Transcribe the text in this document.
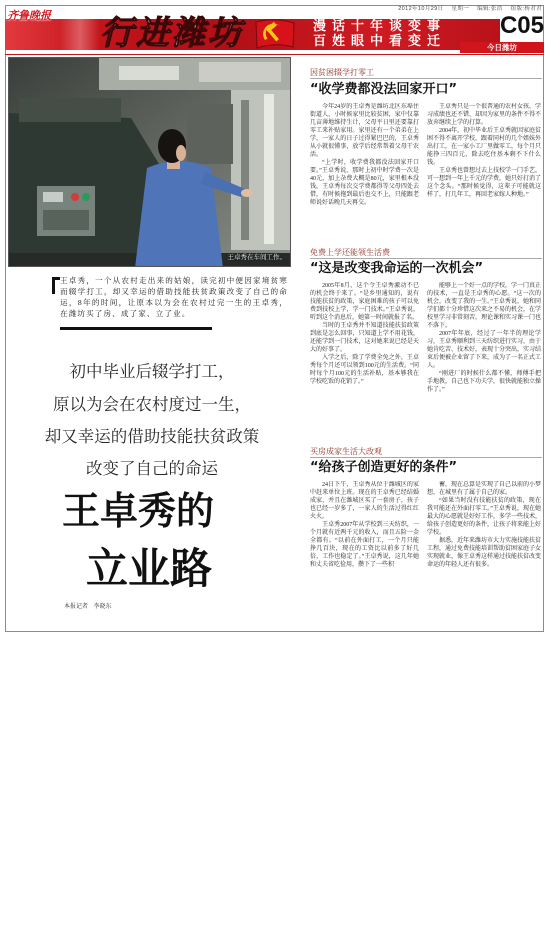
2012年10月29日 星期一 编辑:张浩 组版:杨君君
齐鲁晚报 行进潍坊	漫话十年谈变事
百姓眼中看变迁
C05
今日潍坊
王卓秀在车间工作。
王卓秀，一个从农村走出来的姑娘，读完初中便因家境贫寒而辍学打工，却又幸运的借助技能扶贫政策改变了自己的命运，8年的时间，让原本以为会在农村过完一生的王卓秀，在潍坊买了房、成了家、立了业。
初中毕业后辍学打工，
原以为会在农村度过一生，
却又幸运的借助技能扶贫政策
改变了自己的命运
王卓秀的
立业路
本报记者 李晓东
因贫困辍学打零工
“收学费都没法回家开口”

今年24岁的王卓秀是潍坊北区东埠住街道人，小时候家里比较贫困，家中仅靠几亩薄地维持生计，父母平日里还要靠打零工来补贴家用。家里还有一个弟弟在上学，一家人的日子过得紧巴巴的，王卓秀从小就很懂事，放学后经常帮着父母干农活。

“上学时，收学费我都没法回家开口要。”王卓秀说，那时上初中时学费一次是40元，加上杂费大概是80元，家里根本没钱，王卓秀每次交学费都得等父母四处去借，有时候拖到最后也交不上，只能跟老师说好话晚几天再交。

王卓秀只是一个很普通的农村女孩，学习成绩也还不错，却因为家里的条件不得不放弃继续上学的打算。

2004年，初中毕业后王卓秀就因家庭贫困不得不离开学校，跟着同村的几个姐妹外出打工，在一家小工厂里做零工，每个月只能挣三四百元，除去吃住基本剩不下什么钱。

王卓秀也曾想过去上技校学一门手艺，可一想到一年上千元的学费，她只好打消了这个念头。“那时候觉得，这辈子可能就这样了，打几年工，再回老家嫁人种地。”

免费上学还能领生活费
“这是改变我命运的一次机会”

2005年8月，这个令王卓秀激动不已的机会终于来了。“是乡里通知的，说有技能扶贫的政策，家庭困难的孩子可以免费到技校上学，学一门技术。”王卓秀说，听到这个消息后，她第一时间就报了名。

当时的王卓秀并不知道技能扶贫政策到底是怎么回事，只知道上学不用花钱，还能学到一门技术，这对她来说已经是天大的好事了。

入学之后，除了学费全免之外，王卓秀每个月还可以领到100元的生活费。“同时每个月100元的生活补贴，基本够我在学校吃饭的花销了。”

能够上一个好一点的学校，学一门真正的技术，一直是王卓秀的心愿。“这一次的机会，改变了我的一生。”王卓秀说，她和同学们都十分珍惜这次来之不易的机会，在学校里学习非常刻苦，理论课和实习课一门也不落下。

2007年年底，经过了一年半的理论学习，王卓秀顺利到三天纺织进行实习，由于她肯吃苦、技术好，表现十分突出，实习结束后便被企业留了下来，成为了一名正式工人。

“刚进厂的时候什么都不懂，师傅手把手地教，自己也下功夫学，很快就能独立操作了。”

买房成家生活大改观
“给孩子创造更好的条件”

24日下午，王卓秀从位于潍城区的家中赶来单位上班。现在的王卓秀已经结婚成家，并且在潍城区买了一套房子，孩子也已经一岁多了，一家人的生活过得红红火火。

王卓秀2007年从学校到三天纺织，一个月就有近两千元的收入，而且五险一金全都有。“以前在外面打工，一个月只能挣几百块，现在的工资比以前多了好几倍，工作也稳定了。”王卓秀说，这几年她和丈夫省吃俭用，攒下了一些积

蓄，现在总算是实现了自己以前的小梦想，在城里有了属于自己的家。

“如果当时没有技能扶贫的政策，现在我可能还在外面打零工。”王卓秀说，现在她最大的心愿就是好好工作，多学一些技术，给孩子创造更好的条件，让孩子将来能上好学校。

据悉，近年来潍坊市大力实施技能扶贫工程，通过免费技能培训帮助贫困家庭子女实现就业，像王卓秀这样通过技能扶贫改变命运的年轻人还有很多。
